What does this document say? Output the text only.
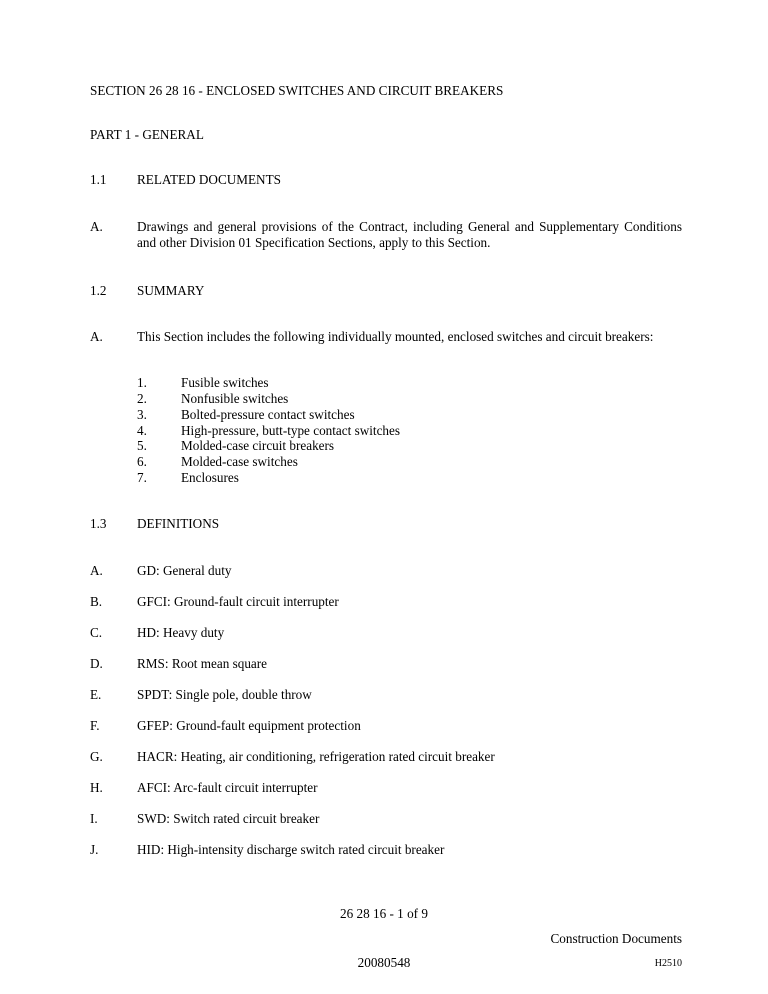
SECTION 26 28 16 - ENCLOSED SWITCHES AND CIRCUIT BREAKERS
PART 1 - GENERAL
1.1 RELATED DOCUMENTS
A.	Drawings and general provisions of the Contract, including General and Supplementary Conditions and other Division 01 Specification Sections, apply to this Section.
1.2 SUMMARY
A.	This Section includes the following individually mounted, enclosed switches and circuit breakers:
1.	Fusible switches
2.	Nonfusible switches
3.	Bolted-pressure contact switches
4.	High-pressure, butt-type contact switches
5.	Molded-case circuit breakers
6.	Molded-case switches
7.	Enclosures
1.3 DEFINITIONS
A.	GD: General duty
B.	GFCI: Ground-fault circuit interrupter
C.	HD: Heavy duty
D.	RMS: Root mean square
E.	SPDT: Single pole, double throw
F.	GFEP: Ground-fault equipment protection
G.	HACR: Heating, air conditioning, refrigeration rated circuit breaker
H.	AFCI: Arc-fault circuit interrupter
I.	SWD: Switch rated circuit breaker
J.	HID: High-intensity discharge switch rated circuit breaker
26 28 16 - 1 of 9
Construction Documents
20080548	H2510
